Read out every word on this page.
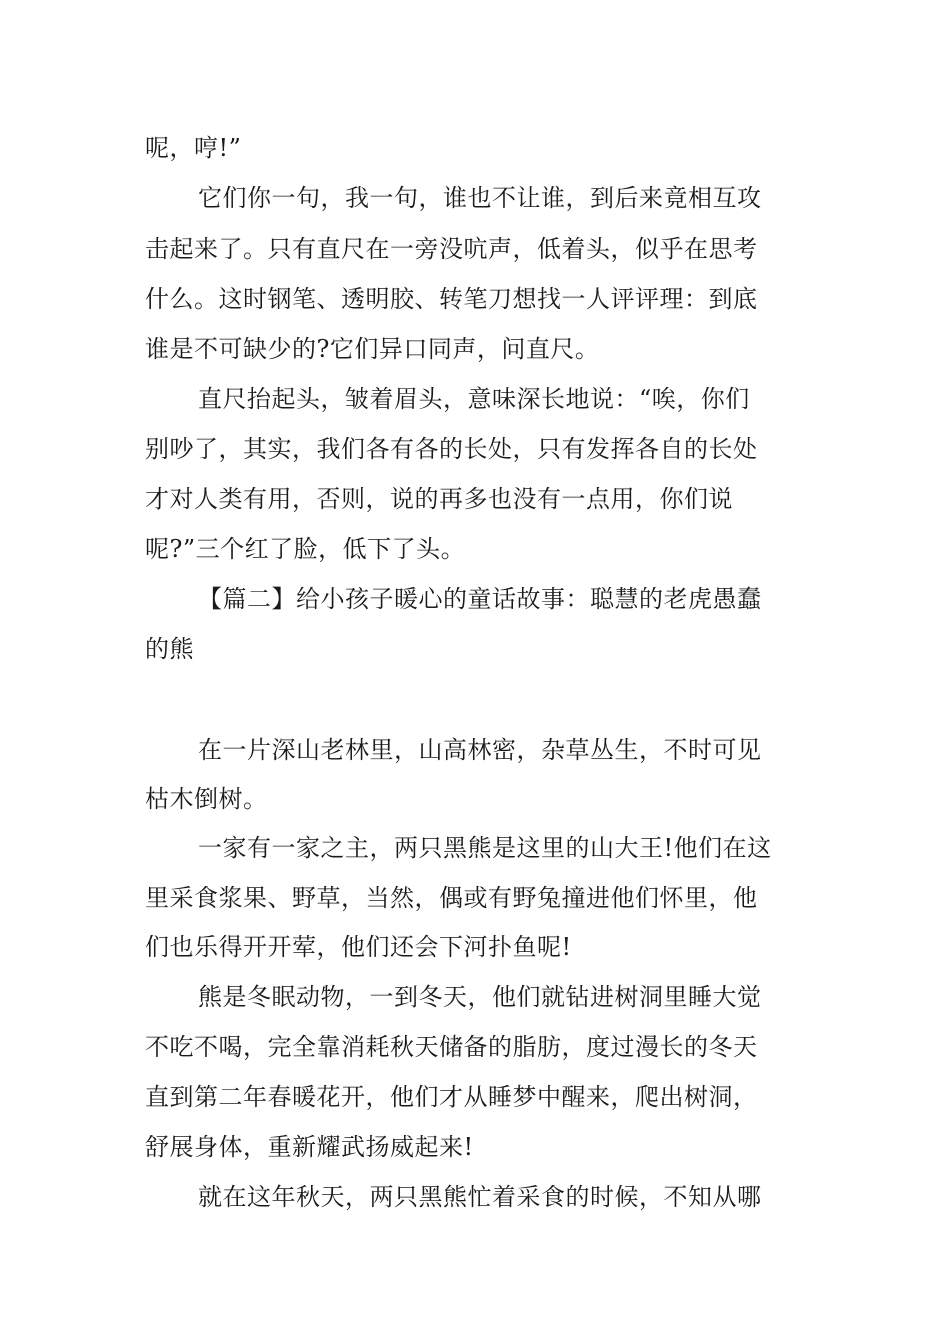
呢，哼!”
它们你一句，我一句，谁也不让谁，到后来竟相互攻
击起来了。只有直尺在一旁没吭声，低着头，似乎在思考
什么。这时钢笔、透明胶、转笔刀想找一人评评理：到底
谁是不可缺少的?它们异口同声，问直尺。
直尺抬起头，皱着眉头，意味深长地说：“唉，你们
别吵了，其实，我们各有各的长处，只有发挥各自的长处
才对人类有用，否则，说的再多也没有一点用，你们说
呢?”三个红了脸，低下了头。
【篇二】给小孩子暖心的童话故事：聪慧的老虎愚蠢
的熊
在一片深山老林里，山高林密，杂草丛生，不时可见
枯木倒树。
一家有一家之主，两只黑熊是这里的山大王!他们在这
里采食浆果、野草，当然，偶或有野兔撞进他们怀里，他
们也乐得开开荤，他们还会下河扑鱼呢!
熊是冬眠动物，一到冬天，他们就钻进树洞里睡大觉
不吃不喝，完全靠消耗秋天储备的脂肪，度过漫长的冬天
直到第二年春暖花开，他们才从睡梦中醒来，爬出树洞，
舒展身体，重新耀武扬威起来!
就在这年秋天，两只黑熊忙着采食的时候，不知从哪
